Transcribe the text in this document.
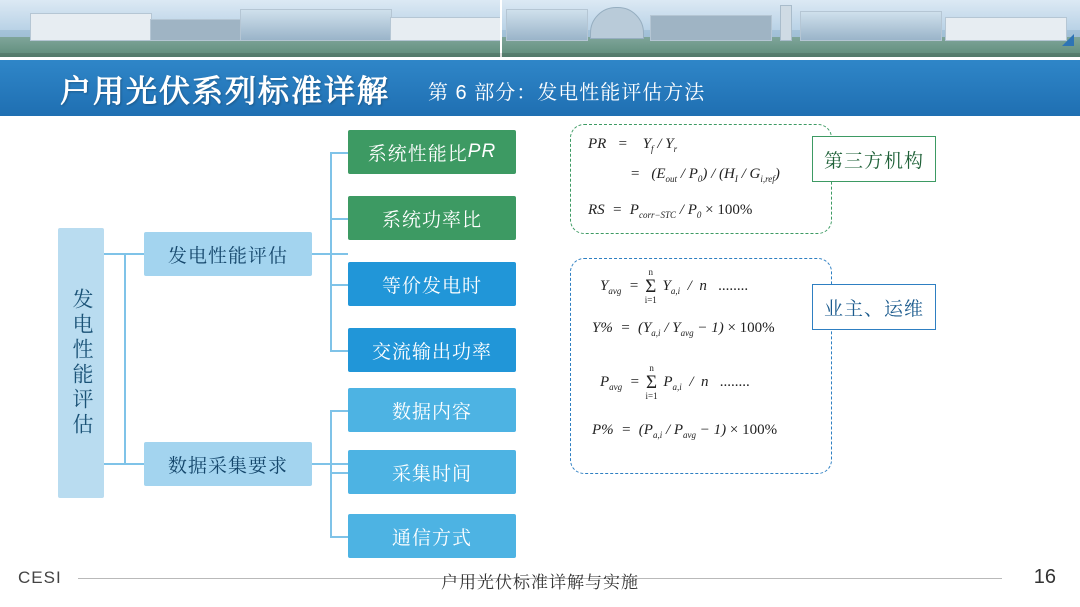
户用光伏系列标准详解 第 6 部分：发电性能评估方法
发电性能评估
发电性能评估
数据采集要求
系统性能比 PR
系统功率比
等价发电时
交流输出功率
数据内容
采集时间
通信方式
PR   =    $Y_f / Y_r$
=   $(E_{out} / P_0) / (H_I / G_{i,ref})$
RS  =  $P_{corr-STC} / P_0 \times 100\%$
第三方机构
$Y_{avg}$  =
n
Σ
i=1
$Y_{a,i}$  /  n   ........
$Y\% = (Y_{a,i} / Y_{avg} - 1) \times 100\%$
$P_{avg}$  =
n
Σ
i=1
$P_{a,i}$  /  n   ........
$P\% = (P_{a,i} / P_{avg} - 1) \times 100\%$
业主、运维
CESI	户用光伏标准详解与实施	16
